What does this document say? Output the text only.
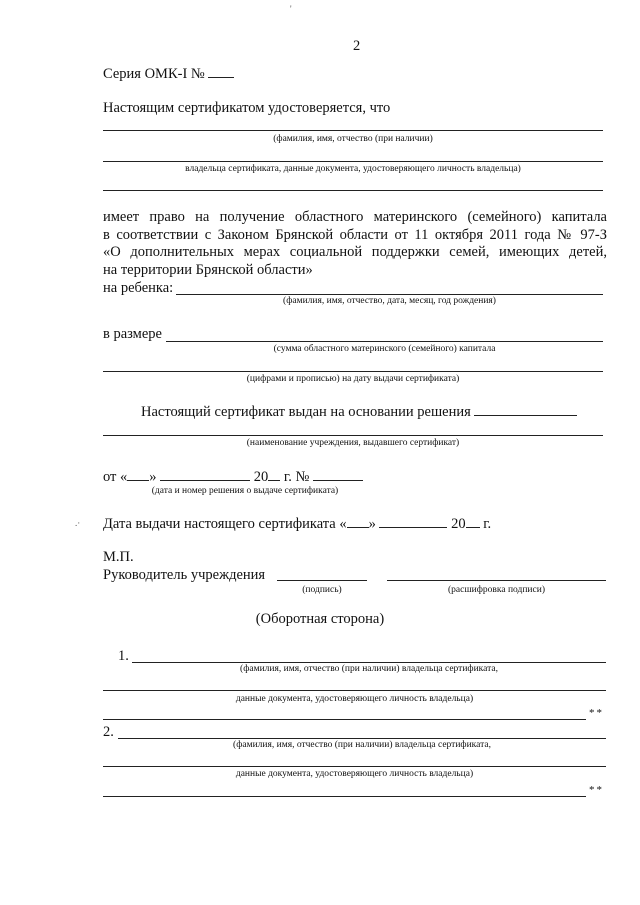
'
2
Серия ОМК-I №
Настоящим сертификатом удостоверяется, что
(фамилия, имя, отчество (при наличии)
владельца сертификата, данные документа, удостоверяющего личность владельца)
имеет право на получение областного материнского (семейного) капитала
в соответствии с Законом Брянской области от 11 октября 2011 года № 97-З
«О дополнительных мерах социальной поддержки семей, имеющих детей,
на территории Брянской области»
на ребенка:
(фамилия, имя, отчество, дата, месяц, год рождения)
в размере
(сумма областного материнского (семейного) капитала
(цифрами и прописью) на дату выдачи сертификата)
Настоящий сертификат выдан на основании решения
(наименование учреждения, выдавшего сертификат)
от « »	20 г. №
(дата и номер решения о выдаче сертификата)
.· Дата выдачи настоящего сертификата « »	20 г.
М.П.
Руководитель учреждения
(подпись)	(расшифровка подписи)
(Оборотная сторона)
1.
(фамилия, имя, отчество (при наличии) владельца сертификата,
данные документа, удостоверяющего личность владельца)
**
2.
(фамилия, имя, отчество (при наличии) владельца сертификата,
данные документа, удостоверяющего личность владельца)
**
